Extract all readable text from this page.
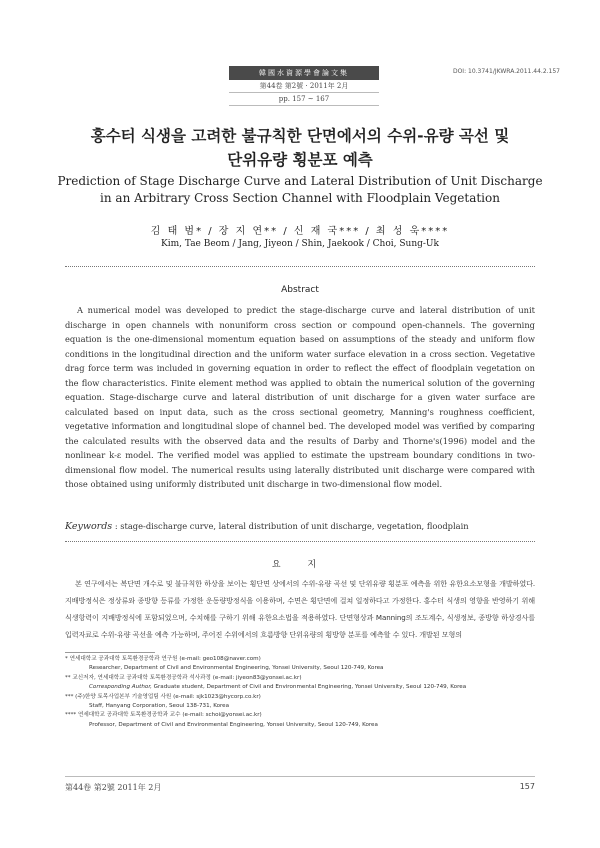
韓國水資源學會論文集
第44卷 第2號 · 2011年 2月
pp. 157 ~ 167
DOI: 10.3741/JKWRA.2011.44.2.157
홍수터 식생을 고려한 불규칙한 단면에서의 수위-유량 곡선 및
단위유량 횡분포 예측
Prediction of Stage Discharge Curve and Lateral Distribution of Unit Discharge
in an Arbitrary Cross Section Channel with Floodplain Vegetation
김 태 범* / 장 지 연** / 신 재 국*** / 최 성 욱****
Kim, Tae Beom / Jang, Jiyeon / Shin, Jaekook / Choi, Sung-Uk
Abstract

A numerical model was developed to predict the stage-discharge curve and lateral distribution of unit discharge in open channels with nonuniform cross section or compound open-channels. The governing equation is the one-dimensional momentum equation based on assumptions of the steady and uniform flow conditions in the longitudinal direction and the uniform water surface elevation in a cross section. Vegetative drag force term was included in governing equation in order to reflect the effect of floodplain vegetation on the flow characteristics. Finite element method was applied to obtain the numerical solution of the governing equation. Stage-discharge curve and lateral distribution of unit discharge for a given water surface are calculated based on input data, such as the cross sectional geometry, Manning's roughness coefficient, vegetative information and longitudinal slope of channel bed. The developed model was verified by comparing the calculated results with the observed data and the results of Darby and Thorne's(1996) model and the nonlinear k-ε model. The verified model was applied to estimate the upstream boundary conditions in two-dimensional flow model. The numerical results using laterally distributed unit discharge were compared with those obtained using uniformly distributed unit discharge in two-dimensional flow model.

Keywords : stage-discharge curve, lateral distribution of unit discharge, vegetation, floodplain
요 지

본 연구에서는 복단면 개수로 및 불규칙한 하상을 보이는 횡단면 상에서의 수위-유량 곡선 및 단위유량 횡분포 예측을 위한 유한요소모형을 개발하였다. 지배방정식은 정상류와 종방향 등류를 가정한 운동량방정식을 이용하며, 수면은 횡단면에 걸쳐 일정하다고 가정한다. 홍수터 식생의 영향을 반영하기 위해 식생항력이 지배방정식에 포함되었으며, 수치해를 구하기 위해 유한요소법을 적용하였다. 단면형상과 Manning의 조도계수, 식생정보, 종방향 하상경사를 입력자료로 수위-유량 곡선을 예측 가능하며, 주어진 수위에서의 흐름방향 단위유량의 횡방향 분포를 예측할 수 있다. 개발된 모형의

* 연세대학교 공과대학 토목환경공학과 연구원 (e-mail: geo108@naver.com)
Researcher, Department of Civil and Environmental Engineering, Yonsei University, Seoul 120-749, Korea
** 교신저자, 연세대학교 공과대학 토목환경공학과 석사과정 (e-mail: jiyeon83@yonsei.ac.kr)
Corresponding Author, Graduate student, Department of Civil and Environmental Engineering, Yonsei University, Seoul 120-749, Korea
*** (주)한양 토목사업본부 기술영업팀 사원 (e-mail: sjk1023@hycorp.co.kr)
Staff, Hanyang Corporation, Seoul 138-731, Korea
**** 연세대학교 공과대학 토목환경공학과 교수 (e-mail: schoi@yonsei.ac.kr)
Professor, Department of Civil and Environmental Engineering, Yonsei University, Seoul 120-749, Korea
第44卷 第2號 2011年 2月	157
